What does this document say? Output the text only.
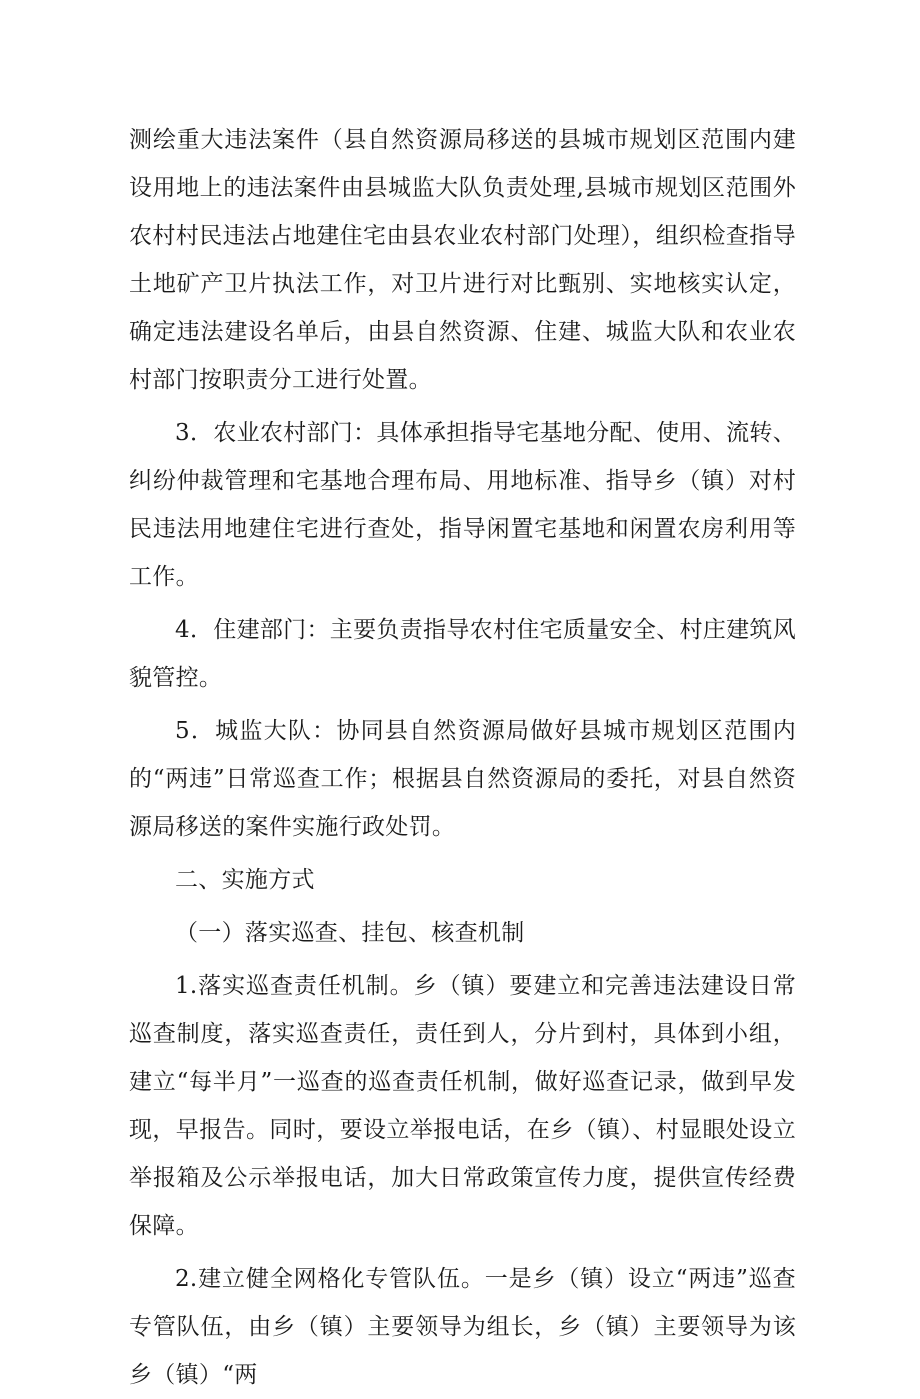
测绘重大违法案件（县自然资源局移送的县城市规划区范围内建设用地上的违法案件由县城监大队负责处理,县城市规划区范围外农村村民违法占地建住宅由县农业农村部门处理），组织检查指导土地矿产卫片执法工作，对卫片进行对比甄别、实地核实认定，确定违法建设名单后，由县自然资源、住建、城监大队和农业农村部门按职责分工进行处置。

3．农业农村部门：具体承担指导宅基地分配、使用、流转、纠纷仲裁管理和宅基地合理布局、用地标准、指导乡（镇）对村民违法用地建住宅进行查处，指导闲置宅基地和闲置农房利用等工作。

4．住建部门：主要负责指导农村住宅质量安全、村庄建筑风貌管控。

5．城监大队：协同县自然资源局做好县城市规划区范围内的“两违”日常巡查工作；根据县自然资源局的委托，对县自然资源局移送的案件实施行政处罚。

二、实施方式

（一）落实巡查、挂包、核查机制

1.落实巡查责任机制。乡（镇）要建立和完善违法建设日常巡查制度，落实巡查责任，责任到人，分片到村，具体到小组，建立“每半月”一巡查的巡查责任机制，做好巡查记录，做到早发现，早报告。同时，要设立举报电话，在乡（镇）、村显眼处设立举报箱及公示举报电话，加大日常政策宣传力度，提供宣传经费保障。

2.建立健全网格化专管队伍。一是乡（镇）设立“两违”巡查专管队伍，由乡（镇）主要领导为组长，乡（镇）主要领导为该乡（镇）“两
